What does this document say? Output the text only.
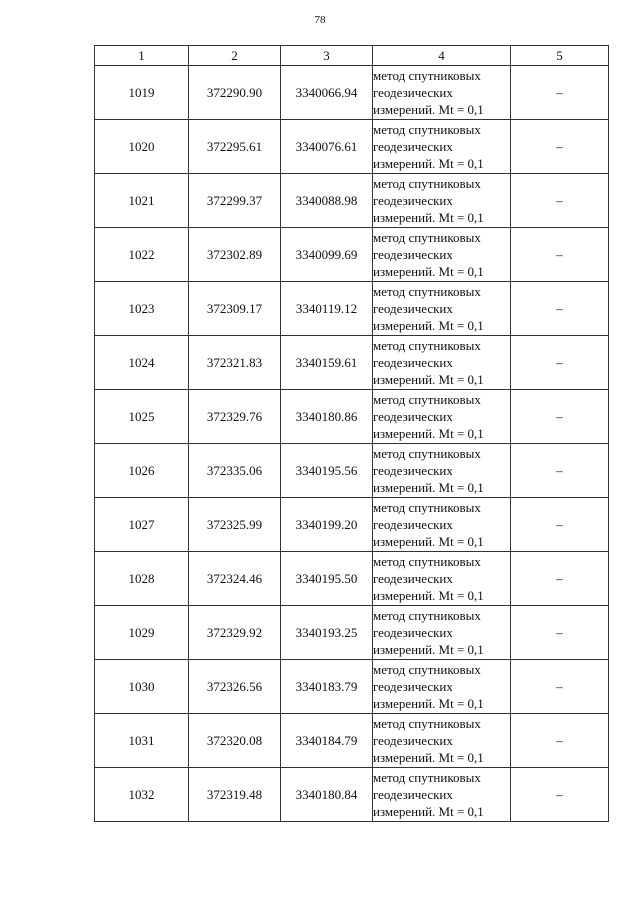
78
1	2	3	4	5
1019	372290.90	3340066.94	метод спутниковых
геодезических
измерений. Mt = 0,1	–
1020	372295.61	3340076.61	метод спутниковых
геодезических
измерений. Mt = 0,1	–
1021	372299.37	3340088.98	метод спутниковых
геодезических
измерений. Mt = 0,1	–
1022	372302.89	3340099.69	метод спутниковых
геодезических
измерений. Mt = 0,1	–
1023	372309.17	3340119.12	метод спутниковых
геодезических
измерений. Mt = 0,1	–
1024	372321.83	3340159.61	метод спутниковых
геодезических
измерений. Mt = 0,1	–
1025	372329.76	3340180.86	метод спутниковых
геодезических
измерений. Mt = 0,1	–
1026	372335.06	3340195.56	метод спутниковых
геодезических
измерений. Mt = 0,1	–
1027	372325.99	3340199.20	метод спутниковых
геодезических
измерений. Mt = 0,1	–
1028	372324.46	3340195.50	метод спутниковых
геодезических
измерений. Mt = 0,1	–
1029	372329.92	3340193.25	метод спутниковых
геодезических
измерений. Mt = 0,1	–
1030	372326.56	3340183.79	метод спутниковых
геодезических
измерений. Mt = 0,1	–
1031	372320.08	3340184.79	метод спутниковых
геодезических
измерений. Mt = 0,1	–
1032	372319.48	3340180.84	метод спутниковых
геодезических
измерений. Mt = 0,1	–
